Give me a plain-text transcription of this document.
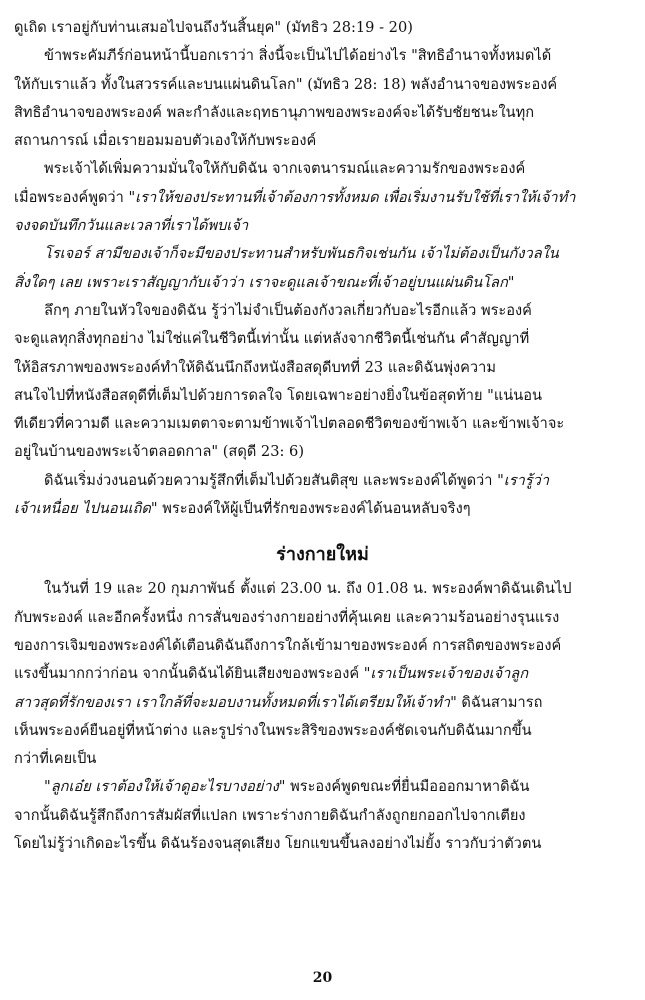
ดูเถิด เราอยู่กับท่านเสมอไปจนถึงวันสิ้นยุค" (มัทธิว 28:19 - 20)
ข้าพระคัมภีร์ก่อนหน้านี้บอกเราว่า สิ่งนี้จะเป็นไปได้อย่างไร "สิทธิอำนาจทั้งหมดได้
ให้กับเราแล้ว ทั้งในสวรรค์และบนแผ่นดินโลก" (มัทธิว 28: 18) พลังอำนาจของพระองค์
สิทธิอำนาจของพระองค์ พละกำลังและฤทธานุภาพของพระองค์จะได้รับชัยชนะในทุก
สถานการณ์ เมื่อเรายอมมอบตัวเองให้กับพระองค์
พระเจ้าได้เพิ่มความมั่นใจให้กับดิฉัน จากเจตนารมณ์และความรักของพระองค์
เมื่อพระองค์พูดว่า "เราให้ของประทานที่เจ้าต้องการทั้งหมด เพื่อเริ่มงานรับใช้ที่เราให้เจ้าทำ
จงจดบันทึกวันและเวลาที่เราได้พบเจ้า
โรเจอร์ สามีของเจ้าก็จะมีของประทานสำหรับพันธกิจเช่นกัน เจ้าไม่ต้องเป็นกังวลใน
สิ่งใดๆ เลย เพราะเราสัญญากับเจ้าว่า เราจะดูแลเจ้าขณะที่เจ้าอยู่บนแผ่นดินโลก"
ลึกๆ ภายในหัวใจของดิฉัน รู้ว่าไม่จำเป็นต้องกังวลเกี่ยวกับอะไรอีกแล้ว พระองค์
จะดูแลทุกสิ่งทุกอย่าง ไม่ใช่แค่ในชีวิตนี้เท่านั้น แต่หลังจากชีวิตนี้เช่นกัน คำสัญญาที่
ให้อิสรภาพของพระองค์ทำให้ดิฉันนึกถึงหนังสือสดุดีบทที่ 23 และดิฉันพุ่งความ
สนใจไปที่หนังสือสดุดีที่เต็มไปด้วยการดลใจ โดยเฉพาะอย่างยิ่งในข้อสุดท้าย "แน่นอน
ทีเดียวที่ความดี และความเมตตาจะตามข้าพเจ้าไปตลอดชีวิตของข้าพเจ้า และข้าพเจ้าจะ
อยู่ในบ้านของพระเจ้าตลอดกาล" (สดุดี 23: 6)
ดิฉันเริ่มง่วงนอนด้วยความรู้สึกที่เต็มไปด้วยสันติสุข และพระองค์ได้พูดว่า "เรารู้ว่า
เจ้าเหนื่อย ไปนอนเถิด" พระองค์ให้ผู้เป็นที่รักของพระองค์ได้นอนหลับจริงๆ
ร่างกายใหม่
ในวันที่ 19 และ 20 กุมภาพันธ์ ตั้งแต่ 23.00 น. ถึง 01.08 น. พระองค์พาดิฉันเดินไป
กับพระองค์ และอีกครั้งหนึ่ง การสั่นของร่างกายอย่างที่คุ้นเคย และความร้อนอย่างรุนแรง
ของการเจิมของพระองค์ได้เตือนดิฉันถึงการใกล้เข้ามาของพระองค์ การสถิตของพระองค์
แรงขึ้นมากกว่าก่อน จากนั้นดิฉันได้ยินเสียงของพระองค์ "เราเป็นพระเจ้าของเจ้าลูก
สาวสุดที่รักของเรา เราใกล้ที่จะมอบงานทั้งหมดที่เราได้เตรียมให้เจ้าทำ" ดิฉันสามารถ
เห็นพระองค์ยืนอยู่ที่หน้าต่าง และรูปร่างในพระสิริของพระองค์ชัดเจนกับดิฉันมากขึ้น
กว่าที่เคยเป็น
"ลูกเอ๋ย เราต้องให้เจ้าดูอะไรบางอย่าง" พระองค์พูดขณะที่ยื่นมือออกมาหาดิฉัน
จากนั้นดิฉันรู้สึกถึงการสัมผัสที่แปลก เพราะร่างกายดิฉันกำลังถูกยกออกไปจากเตียง
โดยไม่รู้ว่าเกิดอะไรขึ้น ดิฉันร้องจนสุดเสียง โยกแขนขึ้นลงอย่างไม่ยั้ง ราวกับว่าตัวตน
20
